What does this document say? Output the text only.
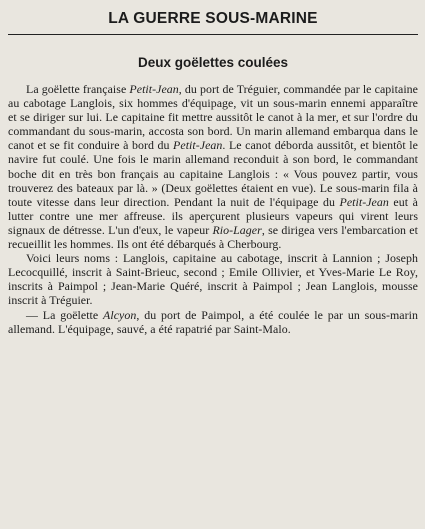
LA GUERRE SOUS-MARINE
Deux goëlettes coulées

La goëlette française Petit-Jean, du port de Tréguier, commandée par le capitaine au cabotage Langlois, six hommes d'équipage, vit un sous-marin ennemi apparaître et se diriger sur lui. Le capitaine fit mettre aussitôt le canot à la mer, et sur l'ordre du commandant du sous-marin, accosta son bord. Un marin allemand embarqua dans le canot et se fit conduire à bord du Petit-Jean. Le canot déborda aussitôt, et bientôt le navire fut coulé. Une fois le marin allemand reconduit à son bord, le commandant boche dit en très bon français au capitaine Langlois : « Vous pouvez partir, vous trouverez des bateaux par là. » (Deux goëlettes étaient en vue). Le sous-marin fila à toute vitesse dans leur direction. Pendant la nuit de l'équipage du Petit-Jean eut à lutter contre une mer affreuse. ils aperçurent plusieurs vapeurs qui virent leurs signaux de détresse. L'un d'eux, le vapeur Rio-Lager, se dirigea vers l'embarcation et recueillit les hommes. Ils ont été débarqués à Cherbourg.

Voici leurs noms : Langlois, capitaine au cabotage, inscrit à Lannion ; Joseph Lecocquillé, inscrit à Saint-Brieuc, second ; Emile Ollivier, et Yves-Marie Le Roy, inscrits à Paimpol ; Jean-Marie Quéré, inscrit à Paimpol ; Jean Langlois, mousse inscrit à Tréguier.

— La goëlette Alcyon, du port de Paimpol, a été coulée le par un sous-marin allemand. L'équipage, sauvé, a été rapatrié par Saint-Malo.
